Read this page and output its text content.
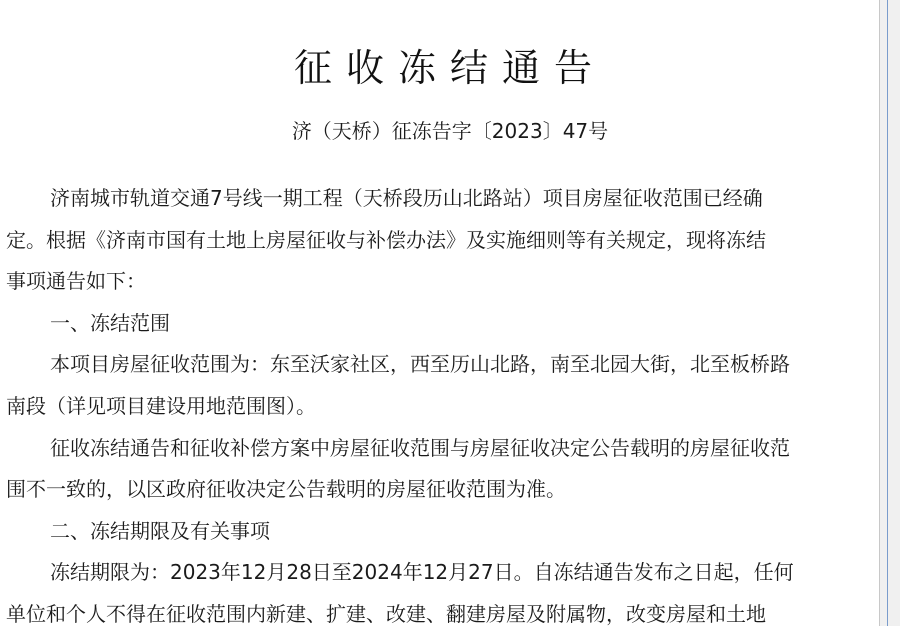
征收冻结通告
济（天桥）征冻告字〔2023〕47号

济南城市轨道交通7号线一期工程（天桥段历山北路站）项目房屋征收范围已经确
定。根据《济南市国有土地上房屋征收与补偿办法》及实施细则等有关规定，现将冻结
事项通告如下：

一、冻结范围

本项目房屋征收范围为：东至沃家社区，西至历山北路，南至北园大街，北至板桥路
南段（详见项目建设用地范围图）。

征收冻结通告和征收补偿方案中房屋征收范围与房屋征收决定公告载明的房屋征收范
围不一致的，以区政府征收决定公告载明的房屋征收范围为准。

二、冻结期限及有关事项

冻结期限为：2023年12月28日至2024年12月27日。自冻结通告发布之日起，任何
单位和个人不得在征收范围内新建、扩建、改建、翻建房屋及附属物，改变房屋和土地
